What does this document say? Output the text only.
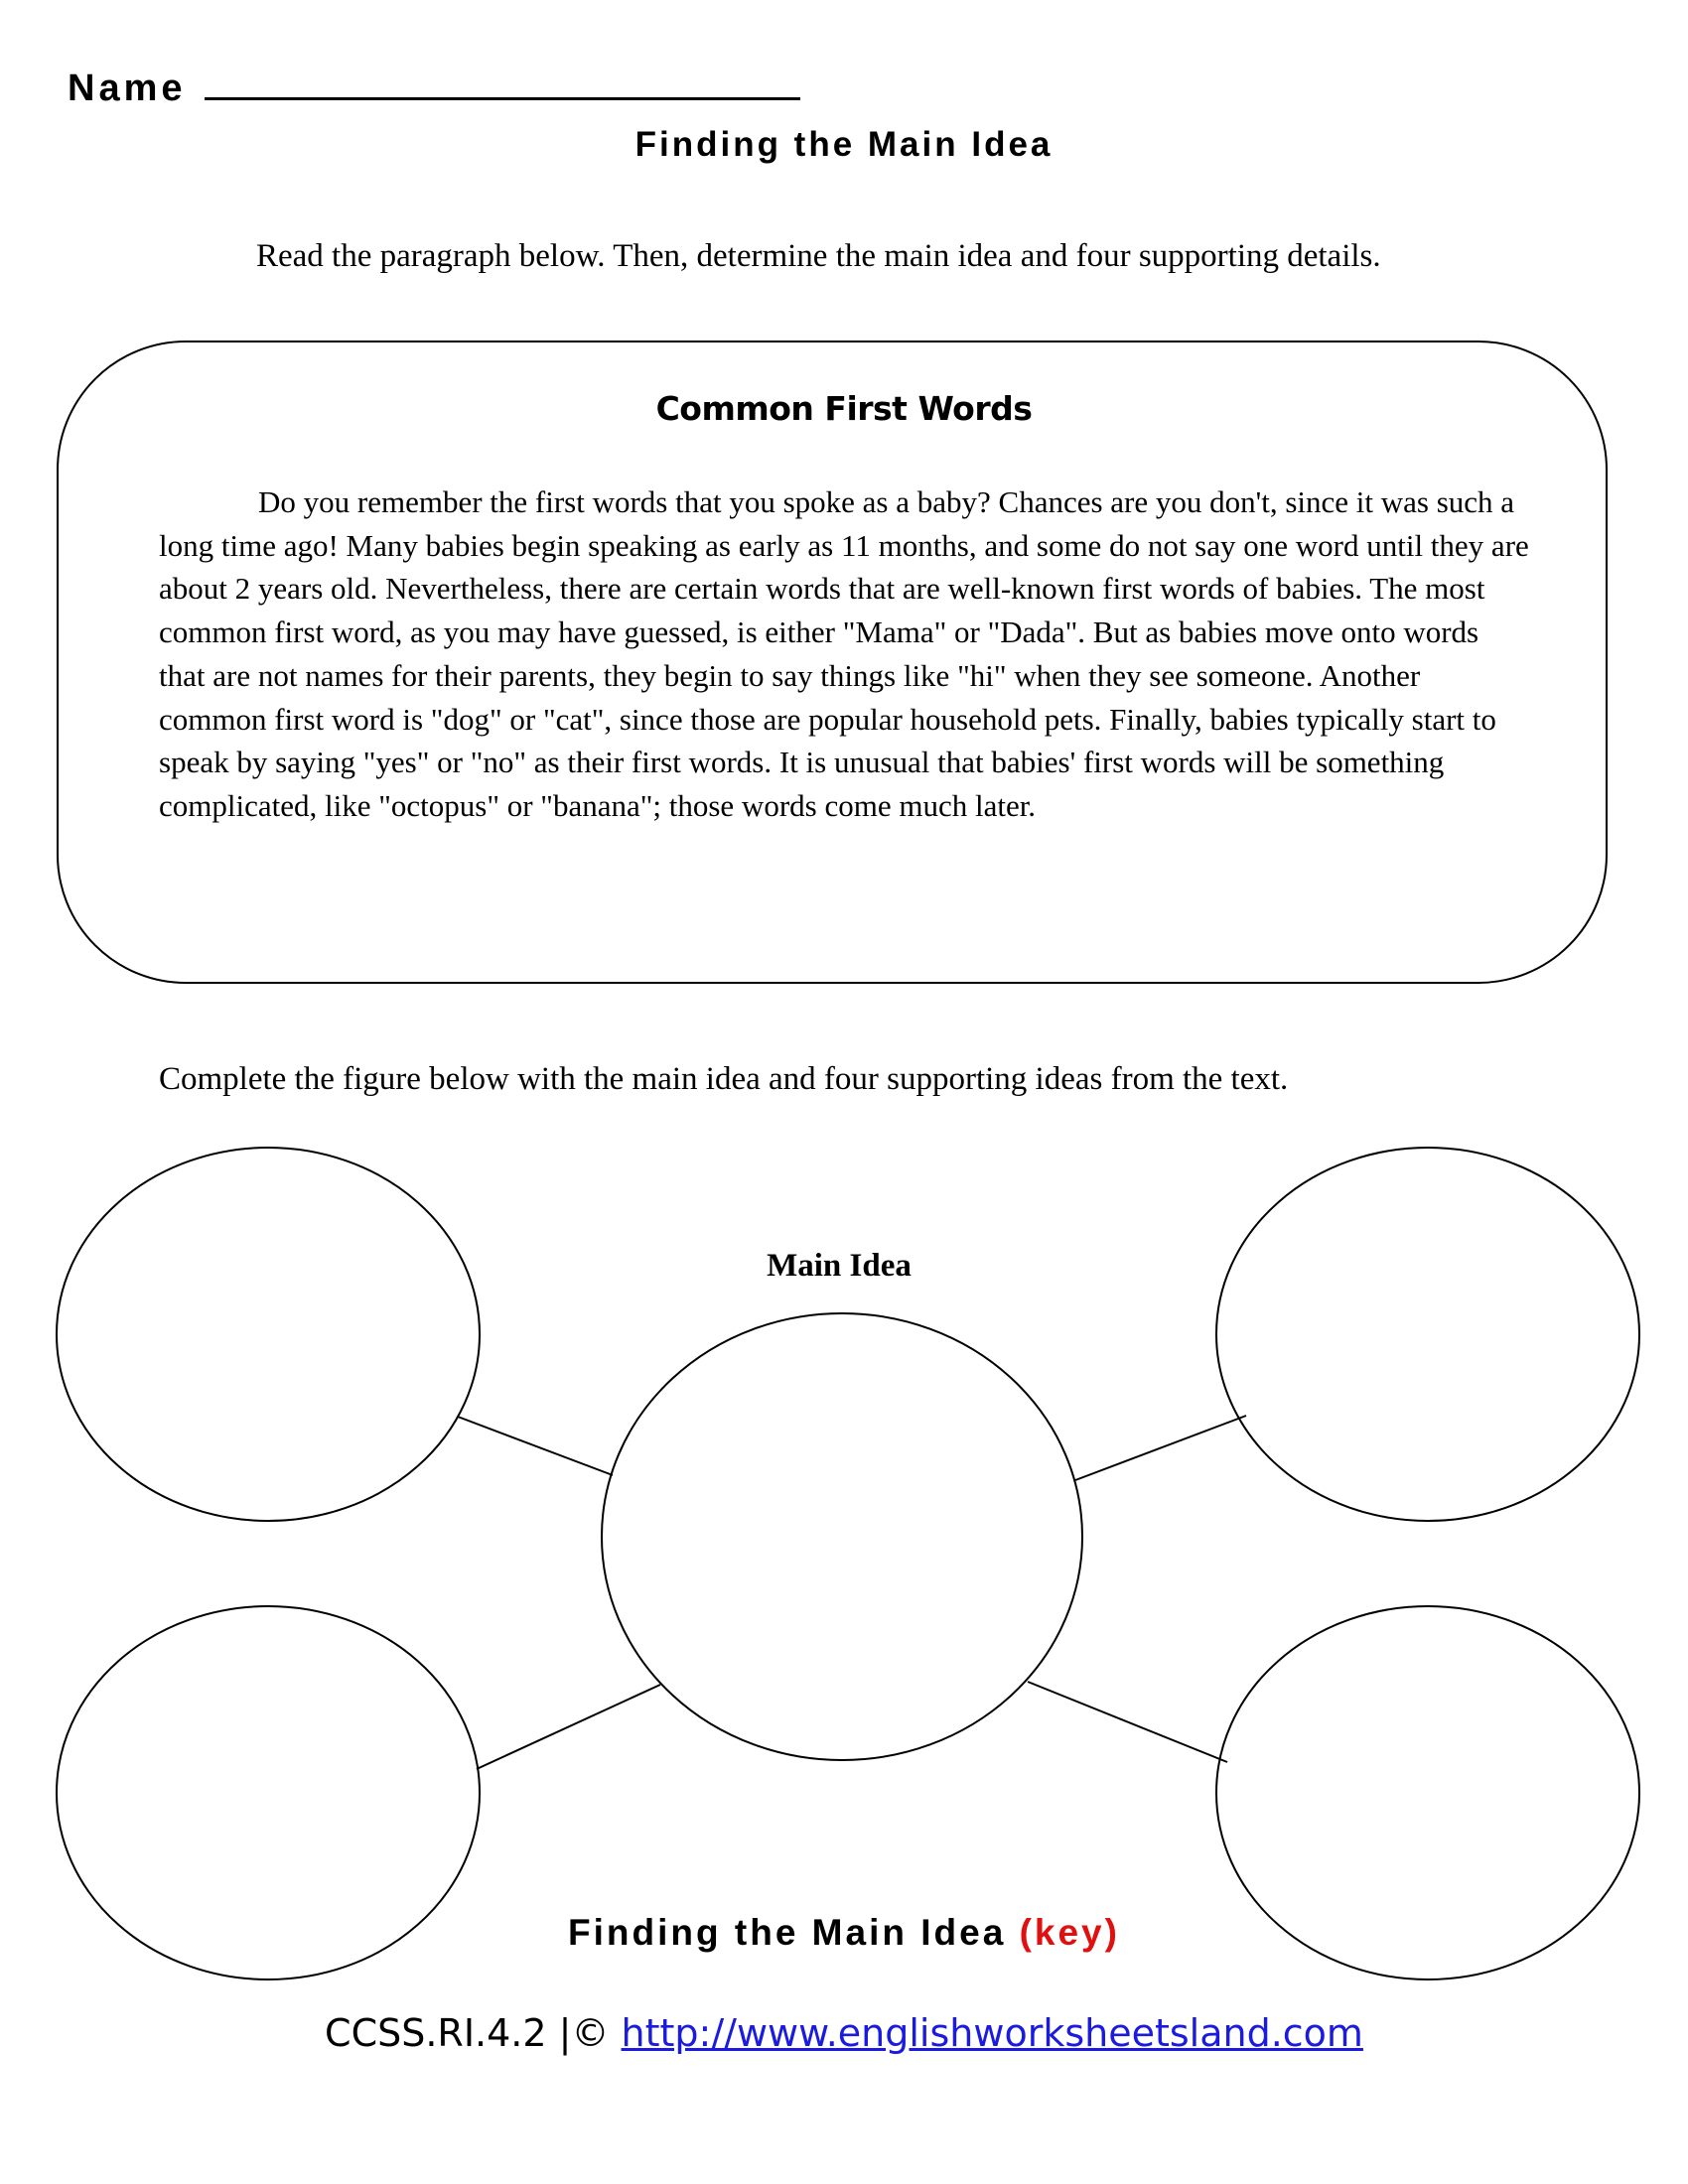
Name
Finding the Main Idea
Read the paragraph below. Then, determine the main idea and four supporting details.
Common First Words
Do you remember the first words that you spoke as a baby? Chances are you don't, since it was such a long time ago! Many babies begin speaking as early as 11 months, and some do not say one word until they are about 2 years old. Nevertheless, there are certain words that are well-known first words of babies. The most common first word, as you may have guessed, is either "Mama" or "Dada". But as babies move onto words that are not names for their parents, they begin to say things like "hi" when they see someone. Another common first word is "dog" or "cat", since those are popular household pets. Finally, babies typically start to speak by saying "yes" or "no" as their first words. It is unusual that babies' first words will be something complicated, like "octopus" or "banana"; those words come much later.
Complete the figure below with the main idea and four supporting ideas from the text.
Main Idea
Finding the Main Idea (key)
CCSS.RI.4.2 |© http://www.englishworksheetsland.com
